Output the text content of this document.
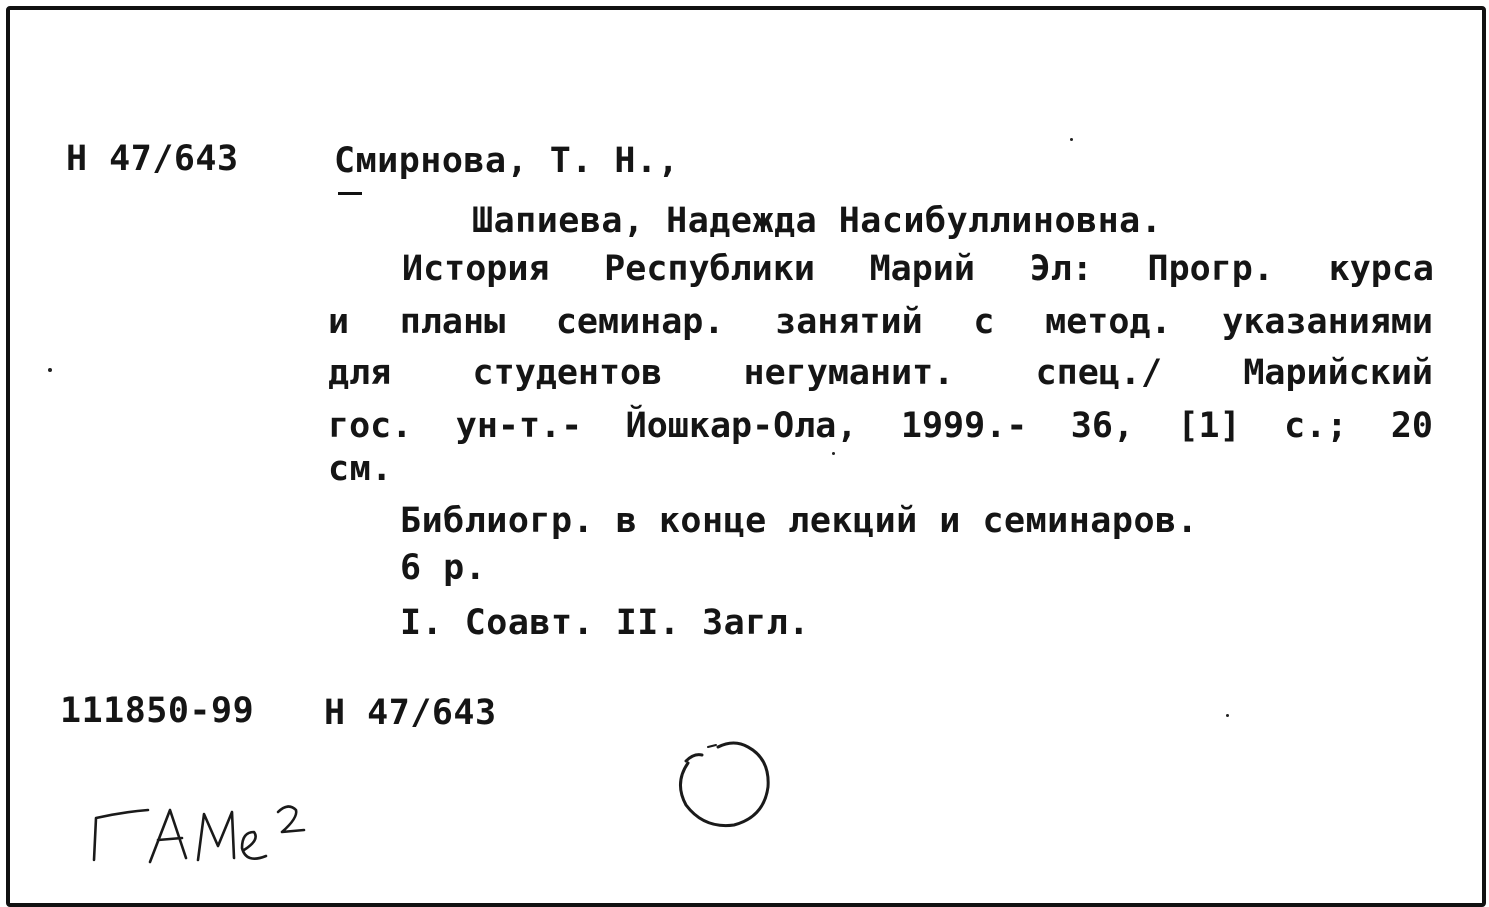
Н 47/643	Смирнова, Т. Н.,
Шапиева, Надежда Насибуллиновна.
История Республики Марий Эл: Прогр. курса
и планы семинар. занятий с метод. указаниями
для студентов негуманит. спец./ Марийский
гос. ун-т.- Йошкар-Ола, 1999.- 36, [1] с.; 20
см.
Библиогр. в конце лекций и семинаров.
6 р.
I. Соавт. II. Загл.
111850-99 Н 47/643
